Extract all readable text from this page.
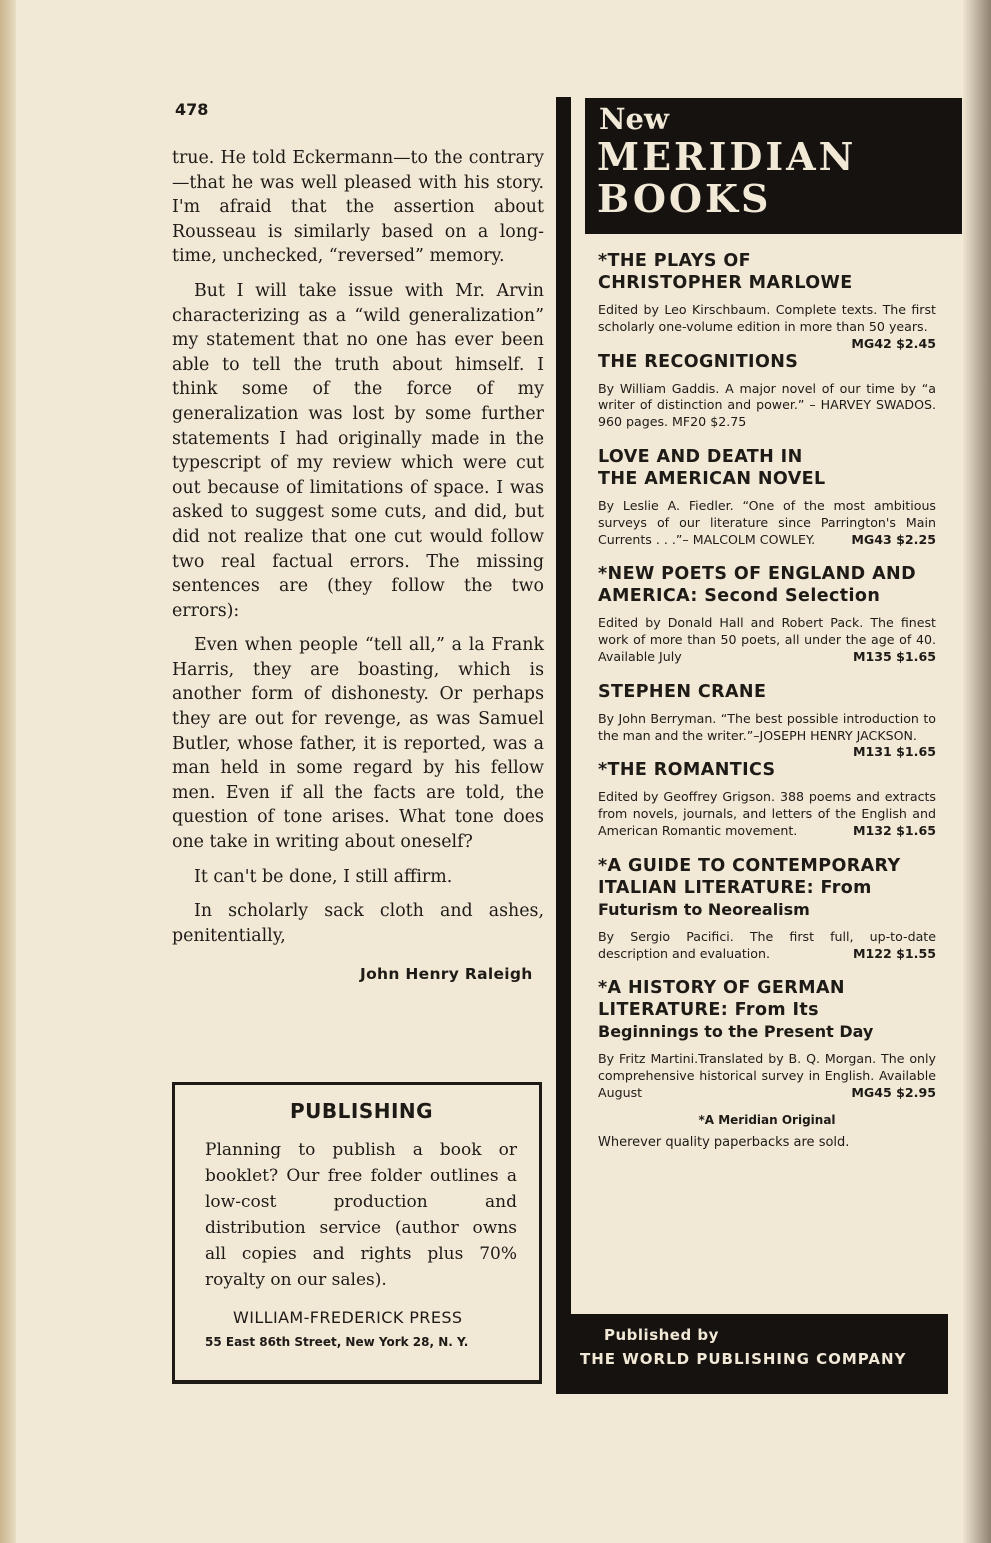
478

true. He told Eckermann—to the contrary—that he was well pleased with his story. I'm afraid that the assertion about Rousseau is similarly based on a long-time, unchecked, “reversed” memory.

But I will take issue with Mr. Arvin characterizing as a “wild generalization” my statement that no one has ever been able to tell the truth about himself. I think some of the force of my generalization was lost by some further statements I had originally made in the typescript of my review which were cut out because of limitations of space. I was asked to suggest some cuts, and did, but did not realize that one cut would follow two real factual errors. The missing sentences are (they follow the two errors):

Even when people “tell all,” a la Frank Harris, they are boasting, which is another form of dishonesty. Or perhaps they are out for revenge, as was Samuel Butler, whose father, it is reported, was a man held in some regard by his fellow men. Even if all the facts are told, the question of tone arises. What tone does one take in writing about oneself?

It can't be done, I still affirm.

In scholarly sack cloth and ashes, penitentially,

John Henry Raleigh
PUBLISHING
Planning to publish a book or booklet? Our free folder outlines a low-cost production and distribution service (author owns all copies and rights plus 70% royalty on our sales).
WILLIAM-FREDERICK PRESS
55 East 86th Street, New York 28, N. Y.
New
MERIDIAN
BOOKS
*THE PLAYS OF
CHRISTOPHER MARLOWE
Edited by Leo Kirschbaum. Complete texts. The first scholarly one-volume edition in more than 50 years.
MG42 $2.45
THE RECOGNITIONS
By William Gaddis. A major novel of our time by “a writer of distinction and power.” – HARVEY SWADOS. 960 pages. MF20 $2.75
LOVE AND DEATH IN
THE AMERICAN NOVEL
By Leslie A. Fiedler. “One of the most ambitious surveys of our literature since Parrington's Main Currents . . .”– MALCOLM COWLEY.	MG43 $2.25
*NEW POETS OF ENGLAND AND
AMERICA: Second Selection
Edited by Donald Hall and Robert Pack. The finest work of more than 50 poets, all under the age of 40. Available July	M135 $1.65
STEPHEN CRANE
By John Berryman. “The best possible introduction to the man and the writer.”–JOSEPH HENRY JACKSON.
M131 $1.65
*THE ROMANTICS
Edited by Geoffrey Grigson. 388 poems and extracts from novels, journals, and letters of the English and American Romantic movement.	M132 $1.65
*A GUIDE TO CONTEMPORARY
ITALIAN LITERATURE: From
Futurism to Neorealism
By Sergio Pacifici. The first full, up-to-date description and evaluation.	M122 $1.55
*A HISTORY OF GERMAN
LITERATURE: From Its
Beginnings to the Present Day
By Fritz Martini.Translated by B. Q. Morgan. The only comprehensive historical survey in English. Available August	MG45 $2.95
*A Meridian Original
Wherever quality paperbacks are sold.
Published by
THE WORLD PUBLISHING COMPANY
